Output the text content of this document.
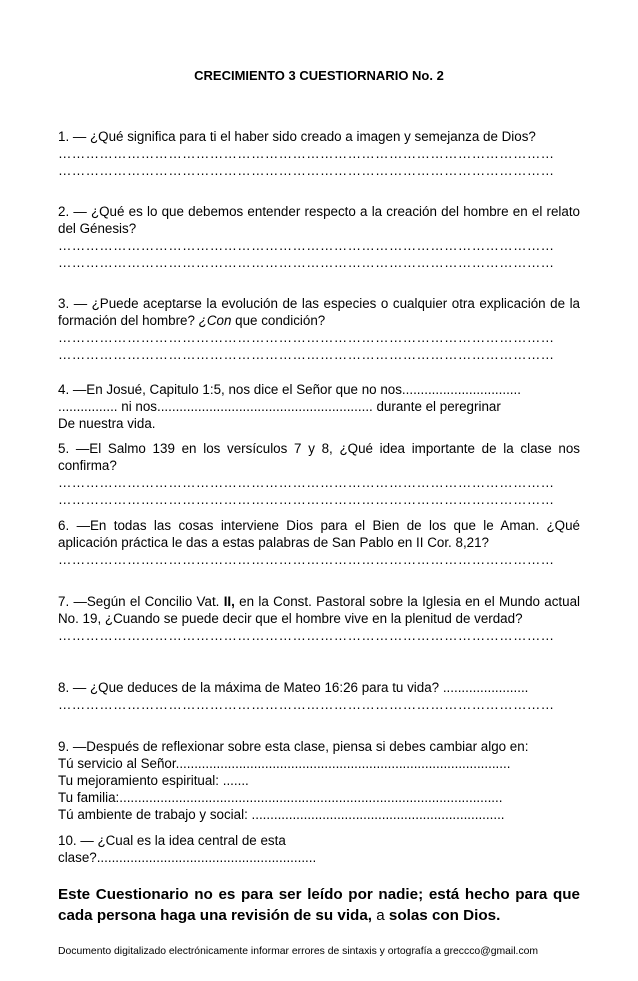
CRECIMIENTO 3 CUESTIORNARIO No. 2

1. — ¿Qué significa para ti el haber sido creado a imagen y semejanza de Dios?

………………………………………………………………………………………………

………………………………………………………………………………………………

2. — ¿Qué es lo que debemos entender respecto a la creación del hombre en el relato del Génesis?

………………………………………………………………………………………………

………………………………………………………………………………………………

3. — ¿Puede aceptarse la evolución de las especies o cualquier otra explicación de la formación del hombre? ¿Con que condición?

………………………………………………………………………………………………

………………………………………………………………………………………………

4. —En Josué, Capitulo 1:5, nos dice el Señor que no nos................................

................ ni nos.......................................................... durante el peregrinar

De nuestra vida.

5. —El Salmo 139 en los versículos 7 y 8, ¿Qué idea importante de la clase nos confirma?

………………………………………………………………………………………………

………………………………………………………………………………………………

6. —En todas las cosas interviene Dios para el Bien de los que le Aman. ¿Qué aplicación práctica le das a estas palabras de San Pablo en II Cor. 8,21?

………………………………………………………………………………………………

7. —Según el Concilio Vat. II, en la Const. Pastoral sobre la Iglesia en el Mundo actual No. 19, ¿Cuando se puede decir que el hombre vive en la plenitud de verdad?

………………………………………………………………………………………………

8. — ¿Que deduces de la máxima de Mateo 16:26 para tu vida? .......................

………………………………………………………………………………………………

9. —Después de reflexionar sobre esta clase, piensa si debes cambiar algo en:

Tú servicio al Señor..........................................................................................

Tu mejoramiento espiritual: .......

Tu familia:.......................................................................................................

Tú ambiente de trabajo y social: ....................................................................

10. — ¿Cual es la idea central de esta

clase?...........................................................

Este Cuestionario no es para ser leído por nadie; está hecho para que cada persona haga una revisión de su vida, a solas con Dios.
Documento digitalizado electrónicamente informar errores de sintaxis y ortografía a greccco@gmail.com
